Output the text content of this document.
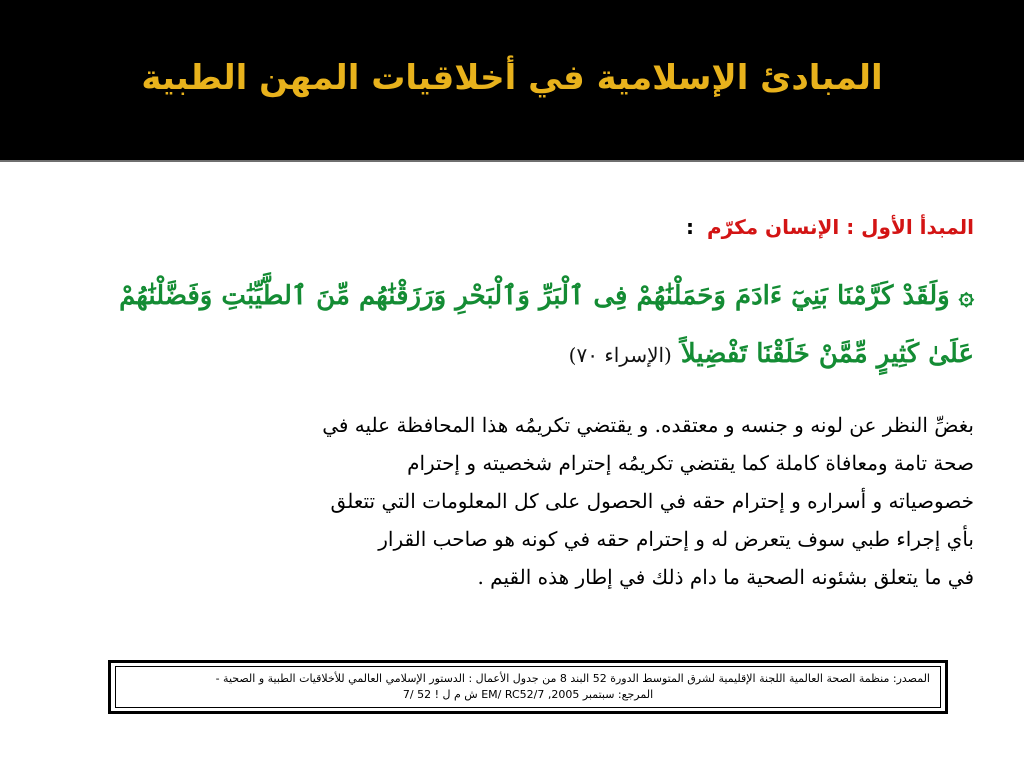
المبادئ الإسلامية في أخلاقيات المهن الطبية
المبدأ الأول : الإنسان مكرّم :
۞ وَلَقَدْ كَرَّمْنَا بَنِيٓ ءَادَمَ وَحَمَلْنَٰهُمْ فِى ٱلْبَرِّ وَٱلْبَحْرِ وَرَزَقْنَٰهُم مِّنَ ٱلطَّيِّبَٰتِ وَفَضَّلْنَٰهُمْ عَلَىٰ كَثِيرٍ مِّمَّنْ خَلَقْنَا تَفْضِيلاً (الإسراء ٧٠)
بغضِّ النظر عن لونه و جنسه و معتقده. و يقتضي تكريمُه هذا المحافظة عليه في
صحة تامة ومعافاة كاملة كما يقتضي تكريمُه إحترام شخصيته و إحترام
خصوصياته و أسراره و إحترام حقه في الحصول على كل المعلومات التي تتعلق
بأي إجراء طبي سوف يتعرض له و إحترام حقه في كونه هو صاحب القرار
في ما يتعلق بشئونه الصحية ما دام ذلك في إطار هذه القيم .
المصدر: منظمة الصحة العالمية اللجنة الإقليمية لشرق المتوسط الدورة 52 البند 8 من جدول الأعمال : الدستور الإسلامي العالمي للأخلاقيات الطبية و الصحية -
المرجع: سبتمبر 2005, EM/ RC52/7 ش م ل ! 52 /7
